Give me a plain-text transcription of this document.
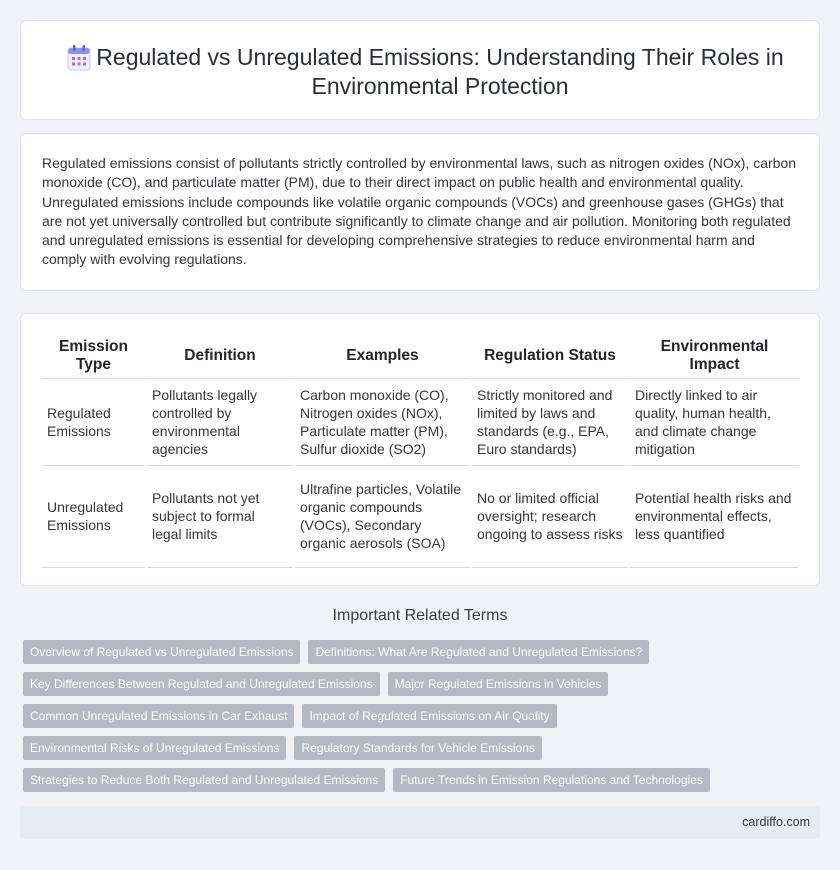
Regulated vs Unregulated Emissions: Understanding Their Roles in Environmental Protection

Regulated emissions consist of pollutants strictly controlled by environmental laws, such as nitrogen oxides (NOx), carbon monoxide (CO), and particulate matter (PM), due to their direct impact on public health and environmental quality. Unregulated emissions include compounds like volatile organic compounds (VOCs) and greenhouse gases (GHGs) that are not yet universally controlled but contribute significantly to climate change and air pollution. Monitoring both regulated and unregulated emissions is essential for developing comprehensive strategies to reduce environmental harm and comply with evolving regulations.

Emission Type	Definition	Examples	Regulation Status	Environmental Impact
Regulated Emissions	Pollutants legally controlled by environmental agencies	Carbon monoxide (CO), Nitrogen oxides (NOx), Particulate matter (PM), Sulfur dioxide (SO2)	Strictly monitored and limited by laws and standards (e.g., EPA, Euro standards)	Directly linked to air quality, human health, and climate change mitigation
Unregulated Emissions	Pollutants not yet subject to formal legal limits	Ultrafine particles, Volatile organic compounds (VOCs), Secondary organic aerosols (SOA)	No or limited official oversight; research ongoing to assess risks	Potential health risks and environmental effects, less quantified
Important Related Terms
Overview of Regulated vs Unregulated Emissions	Definitions: What Are Regulated and Unregulated Emissions?
Key Differences Between Regulated and Unregulated Emissions	Major Regulated Emissions in Vehicles
Common Unregulated Emissions in Car Exhaust	Impact of Regulated Emissions on Air Quality
Environmental Risks of Unregulated Emissions	Regulatory Standards for Vehicle Emissions
Strategies to Reduce Both Regulated and Unregulated Emissions	Future Trends in Emission Regulations and Technologies
cardiffo.com
